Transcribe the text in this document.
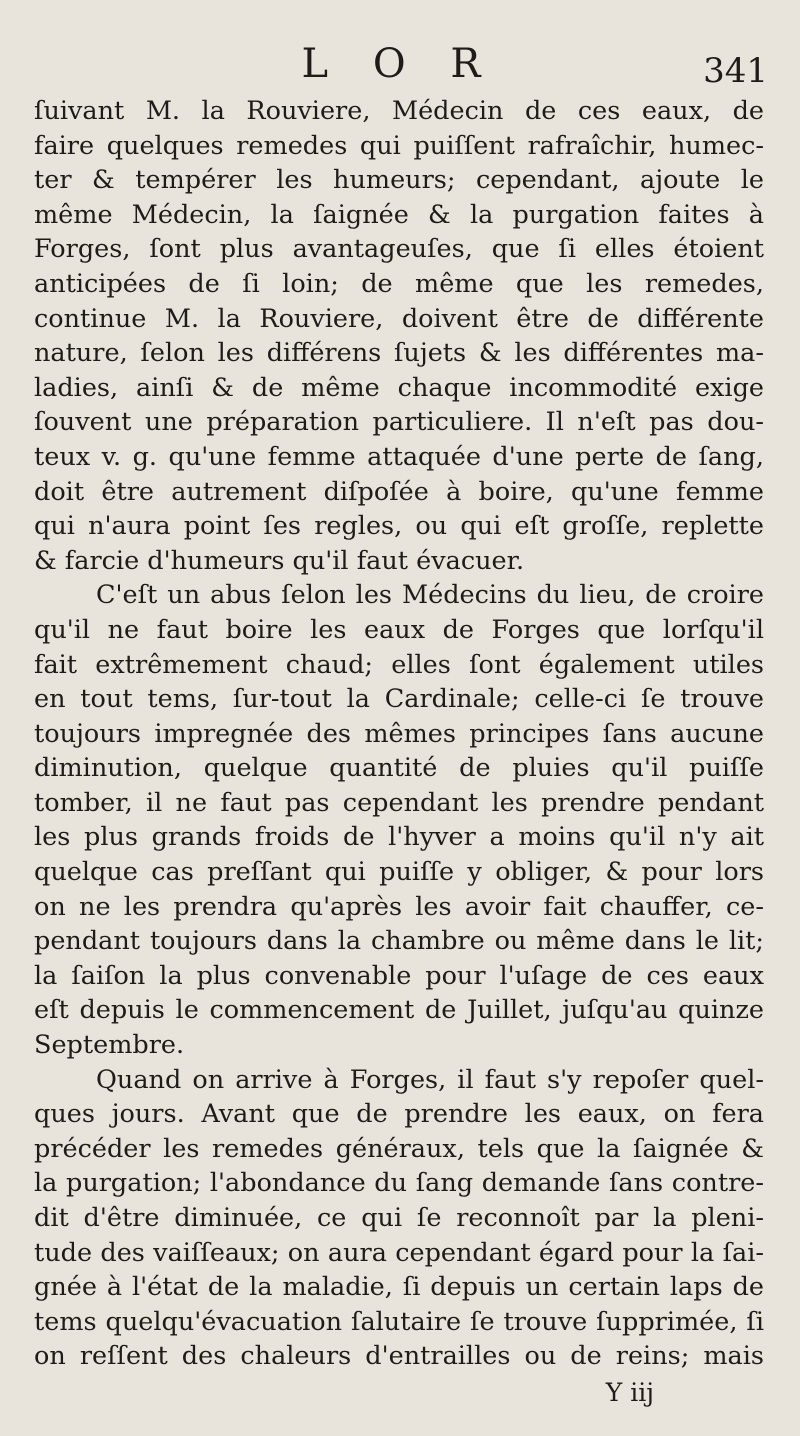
L O R	341

ſuivant M. la Rouviere, Médecin de ces eaux, de
faire quelques remedes qui puiſſent rafraîchir, humec-
ter & tempérer les humeurs; cependant, ajoute le
même Médecin, la ſaignée & la purgation faites à
Forges, ſont plus avantageuſes, que ſi elles étoient
anticipées de ſi loin; de même que les remedes,
continue M. la Rouviere, doivent être de différente
nature, ſelon les différens ſujets & les différentes ma-
ladies, ainſi & de même chaque incommodité exige
ſouvent une préparation particuliere. Il n'eſt pas dou-
teux v. g. qu'une femme attaquée d'une perte de ſang,
doit être autrement diſpoſée à boire, qu'une femme
qui n'aura point ſes regles, ou qui eſt groſſe, replette
& farcie d'humeurs qu'il faut évacuer.

C'eſt un abus ſelon les Médecins du lieu, de croire
qu'il ne faut boire les eaux de Forges que lorſqu'il
fait extrêmement chaud; elles ſont également utiles
en tout tems, ſur-tout la Cardinale; celle-ci ſe trouve
toujours impregnée des mêmes principes ſans aucune
diminution, quelque quantité de pluies qu'il puiſſe
tomber, il ne faut pas cependant les prendre pendant
les plus grands froids de l'hyver a moins qu'il n'y ait
quelque cas preſſant qui puiſſe y obliger, & pour lors
on ne les prendra qu'après les avoir fait chauffer, ce-
pendant toujours dans la chambre ou même dans le lit;
la ſaiſon la plus convenable pour l'uſage de ces eaux
eſt depuis le commencement de Juillet, juſqu'au quinze
Septembre.

Quand on arrive à Forges, il faut s'y repoſer quel-
ques jours. Avant que de prendre les eaux, on fera
précéder les remedes généraux, tels que la ſaignée &
la purgation; l'abondance du ſang demande ſans contre-
dit d'être diminuée, ce qui ſe reconnoît par la pleni-
tude des vaiſſeaux; on aura cependant égard pour la ſai-
gnée à l'état de la maladie, ſi depuis un certain laps de
tems quelqu'évacuation ſalutaire ſe trouve ſupprimée, ſi
on reſſent des chaleurs d'entrailles ou de reins; mais

Y iij
